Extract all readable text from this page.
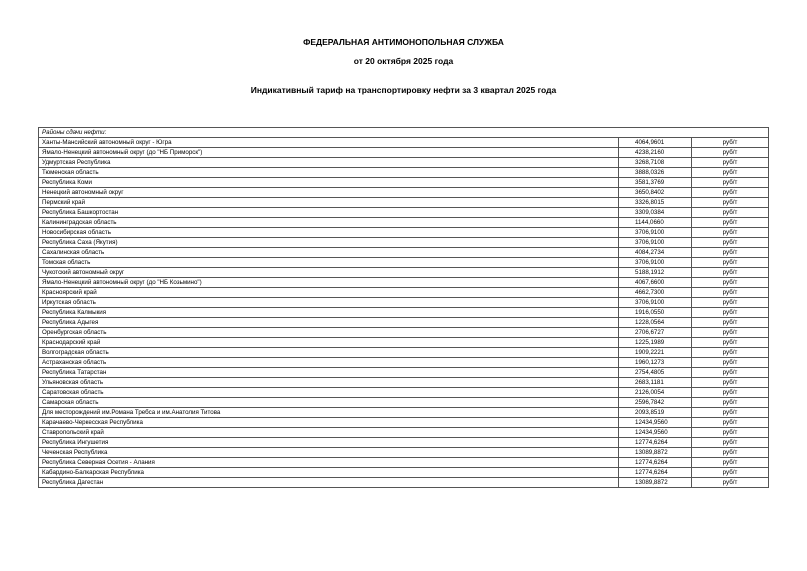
ФЕДЕРАЛЬНАЯ АНТИМОНОПОЛЬНАЯ СЛУЖБА
от 20 октября 2025 года
Индикативный тариф на транспортировку нефти за 3 квартал 2025 года
Районы сдачи нефти:		
Ханты-Мансийский автономный округ - Югра	4064,9601	руб/т
Ямало-Ненецкий автономный округ (до "НБ Приморск")	4238,2160	руб/т
Удмуртская Республика	3268,7108	руб/т
Тюменская область	3888,0326	руб/т
Республика Коми	3581,3769	руб/т
Ненецкий автономный округ	3650,8402	руб/т
Пермский край	3326,8015	руб/т
Республика Башкортостан	3309,0384	руб/т
Калининградская область	1144,0660	руб/т
Новосибирская область	3706,9100	руб/т
Республика Саха (Якутия)	3706,9100	руб/т
Сахалинская область	4084,2734	руб/т
Томская область	3706,9100	руб/т
Чукотский автономный округ	5188,1912	руб/т
Ямало-Ненецкий автономный округ (до "НБ Козьмино")	4067,6600	руб/т
Красноярский край	4662,7300	руб/т
Иркутская область	3706,9100	руб/т
Республика Калмыкия	1916,0550	руб/т
Республика Адыгея	1228,0564	руб/т
Оренбургская область	2706,6727	руб/т
Краснодарский край	1225,1989	руб/т
Волгоградская область	1909,2221	руб/т
Астраханская область	1960,1273	руб/т
Республика Татарстан	2754,4805	руб/т
Ульяновская область	2683,1181	руб/т
Саратовская область	2126,0054	руб/т
Самарская область	2596,7842	руб/т
Для месторождений им.Романа Требса и им.Анатолия Титова	2093,8519	руб/т
Карачаево-Черкесская Республика	12434,9560	руб/т
Ставропольский край	12434,9560	руб/т
Республика Ингушетия	12774,6264	руб/т
Чеченская Республика	13089,8872	руб/т
Республика Северная Осетия - Алания	12774,6264	руб/т
Кабардино-Балкарская Республика	12774,6264	руб/т
Республика Дагестан	13089,8872	руб/т
